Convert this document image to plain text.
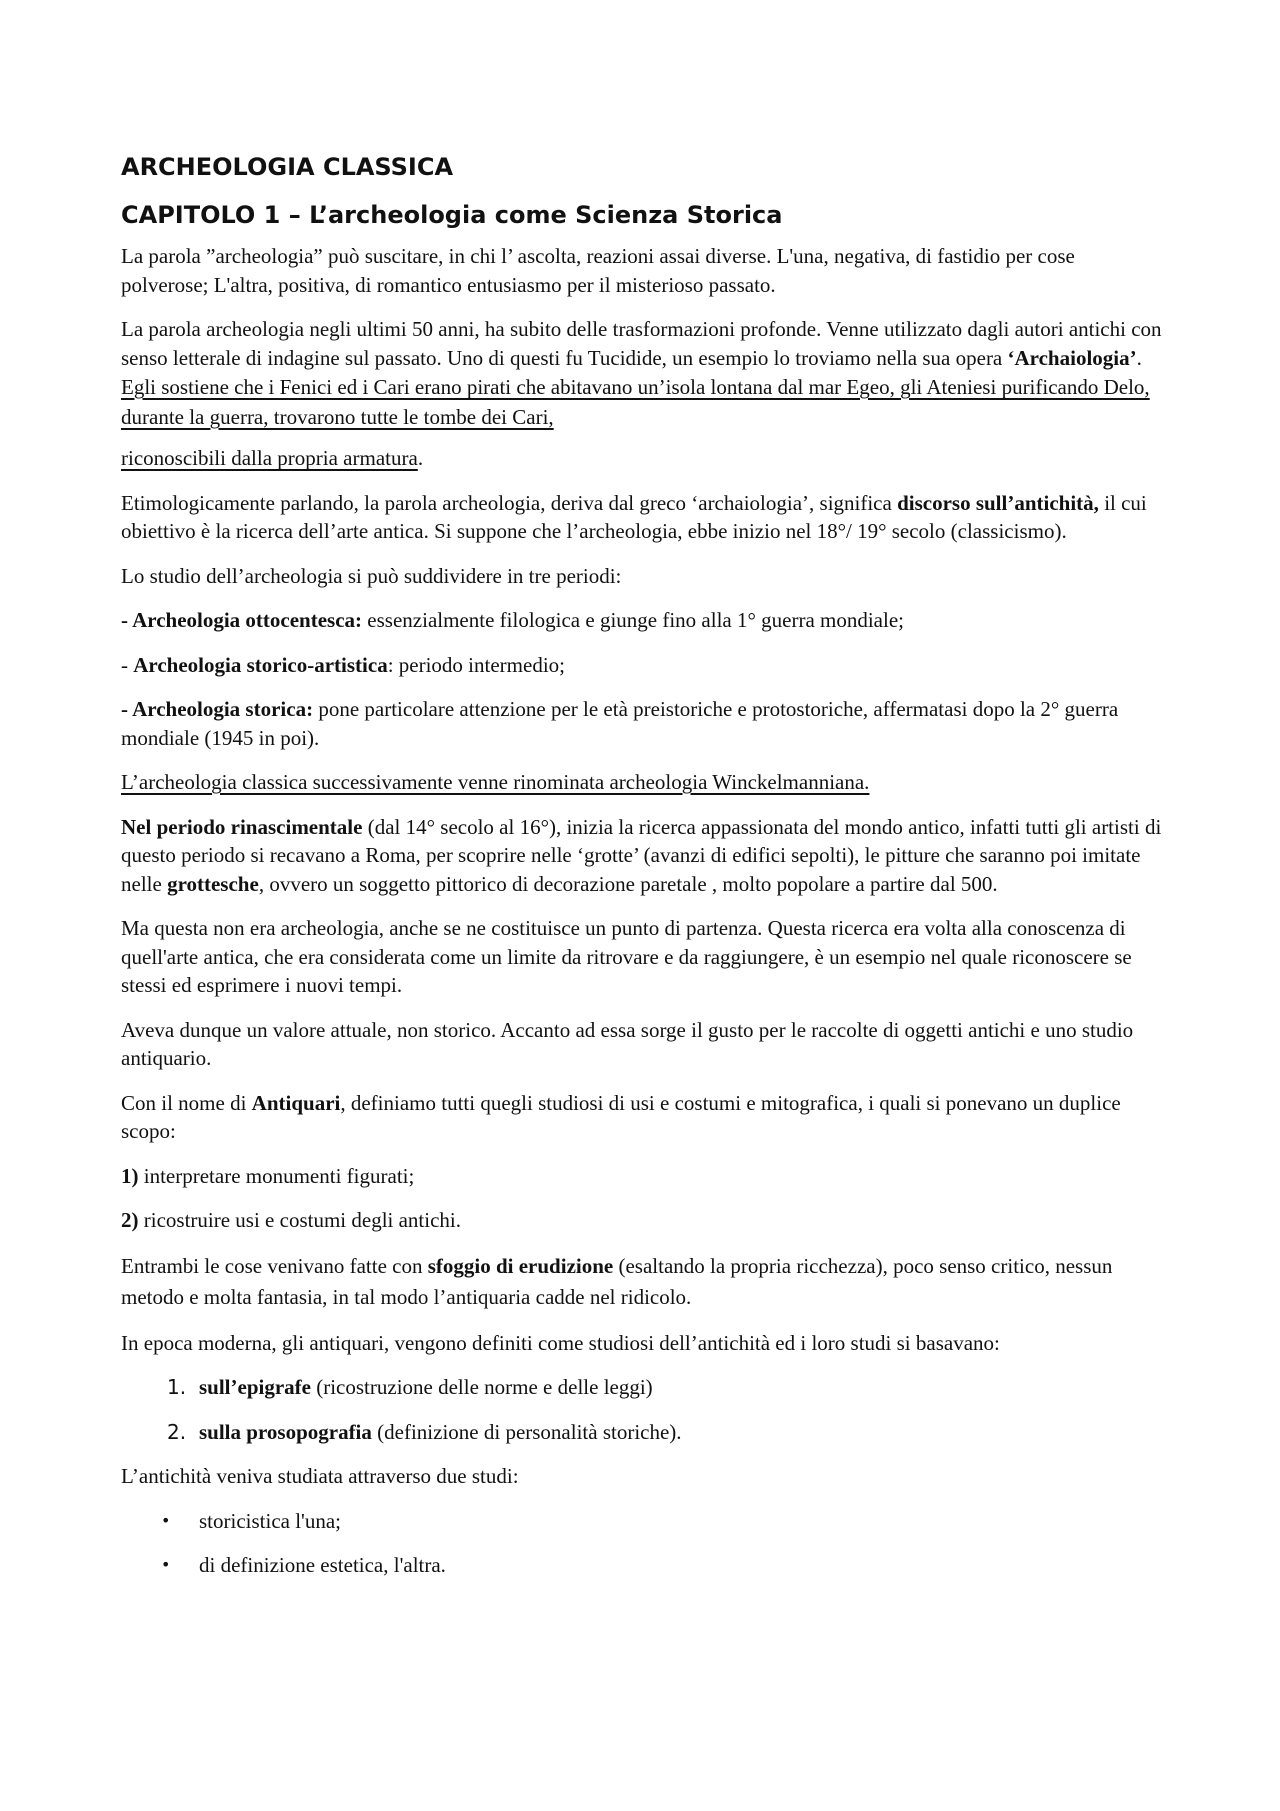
ARCHEOLOGIA CLASSICA
CAPITOLO 1 – L’archeologia come Scienza Storica

La parola ”archeologia” può suscitare, in chi l’ ascolta, reazioni assai diverse. L'una, negativa, di fastidio per cose polverose; L'altra, positiva, di romantico entusiasmo per il misterioso passato.

La parola archeologia negli ultimi 50 anni, ha subito delle trasformazioni profonde. Venne utilizzato dagli autori antichi con senso letterale di indagine sul passato. Uno di questi fu Tucidide, un esempio lo troviamo nella sua opera ‘Archaiologia’. Egli sostiene che i Fenici ed i Cari erano pirati che abitavano un’isola lontana dal mar Egeo, gli Ateniesi purificando Delo, durante la guerra, trovarono tutte le tombe dei Cari,

riconoscibili dalla propria armatura.

Etimologicamente parlando, la parola archeologia, deriva dal greco ‘archaiologia’, significa discorso sull’antichità, il cui obiettivo è la ricerca dell’arte antica. Si suppone che l’archeologia, ebbe inizio nel 18°/ 19° secolo (classicismo).

Lo studio dell’archeologia si può suddividere in tre periodi:

- Archeologia ottocentesca: essenzialmente filologica e giunge fino alla 1° guerra mondiale;

- Archeologia storico-artistica: periodo intermedio;

- Archeologia storica: pone particolare attenzione per le età preistoriche e protostoriche, affermatasi dopo la 2° guerra mondiale (1945 in poi).

L’archeologia classica successivamente venne rinominata archeologia Winckelmanniana.

Nel periodo rinascimentale (dal 14° secolo al 16°), inizia la ricerca appassionata del mondo antico, infatti tutti gli artisti di questo periodo si recavano a Roma, per scoprire nelle ‘grotte’ (avanzi di edifici sepolti), le pitture che saranno poi imitate nelle grottesche, ovvero un soggetto pittorico di decorazione paretale , molto popolare a partire dal 500.

Ma questa non era archeologia, anche se ne costituisce un punto di partenza. Questa ricerca era volta alla conoscenza di quell'arte antica, che era considerata come un limite da ritrovare e da raggiungere, è un esempio nel quale riconoscere se stessi ed esprimere i nuovi tempi.

Aveva dunque un valore attuale, non storico. Accanto ad essa sorge il gusto per le raccolte di oggetti antichi e uno studio antiquario.

Con il nome di Antiquari, definiamo tutti quegli studiosi di usi e costumi e mitografica, i quali si ponevano un duplice scopo:

1) interpretare monumenti figurati;

2) ricostruire usi e costumi degli antichi.

Entrambi le cose venivano fatte con sfoggio di erudizione (esaltando la propria ricchezza), poco senso critico, nessun metodo e molta fantasia, in tal modo l’antiquaria cadde nel ridicolo.

In epoca moderna, gli antiquari, vengono definiti come studiosi dell’antichità ed i loro studi si basavano:

1. sull’epigrafe (ricostruzione delle norme e delle leggi)
2. sulla prosopografia (definizione di personalità storiche).

L’antichità veniva studiata attraverso due studi:

•	storicistica l'una;
•	di definizione estetica, l'altra.
